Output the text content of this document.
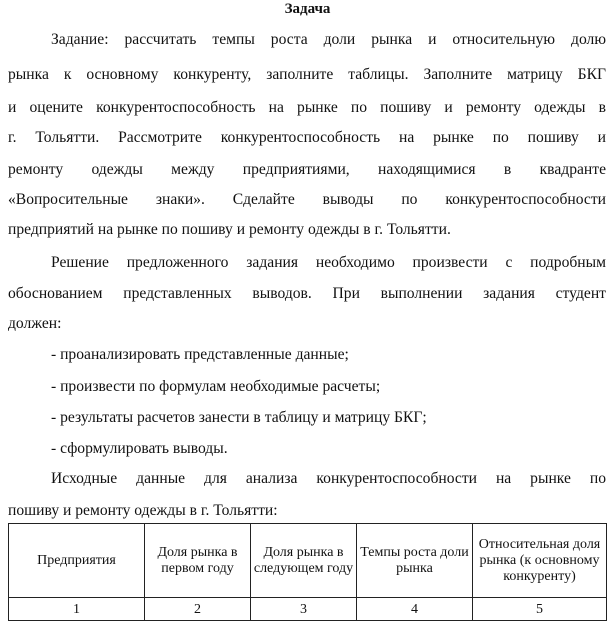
Задача
Задание: рассчитать темпы роста доли рынка и относительную долю
рынка к основному конкуренту, заполните таблицы. Заполните матрицу БКГ
и оцените конкурентоспособность на рынке по пошиву и ремонту одежды в
г. Тольятти. Рассмотрите конкурентоспособность на рынке по пошиву и
ремонту одежды между предприятиями, находящимися в квадранте
«Вопросительные знаки». Сделайте выводы по конкурентоспособности
предприятий на рынке по пошиву и ремонту одежды в г. Тольятти.
Решение предложенного задания необходимо произвести с подробным
обоснованием представленных выводов. При выполнении задания студент
должен:
- проанализировать представленные данные;
- произвести по формулам необходимые расчеты;
- результаты расчетов занести в таблицу и матрицу БКГ;
- сформулировать выводы.
Исходные данные для анализа конкурентоспособности на рынке по
пошиву и ремонту одежды в г. Тольятти:
Предприятия	Доля рынка в первом году	Доля рынка в следующем году	Темпы роста доли рынка	Относительная доля рынка (к основному конкуренту)
1	2	3	4	5
